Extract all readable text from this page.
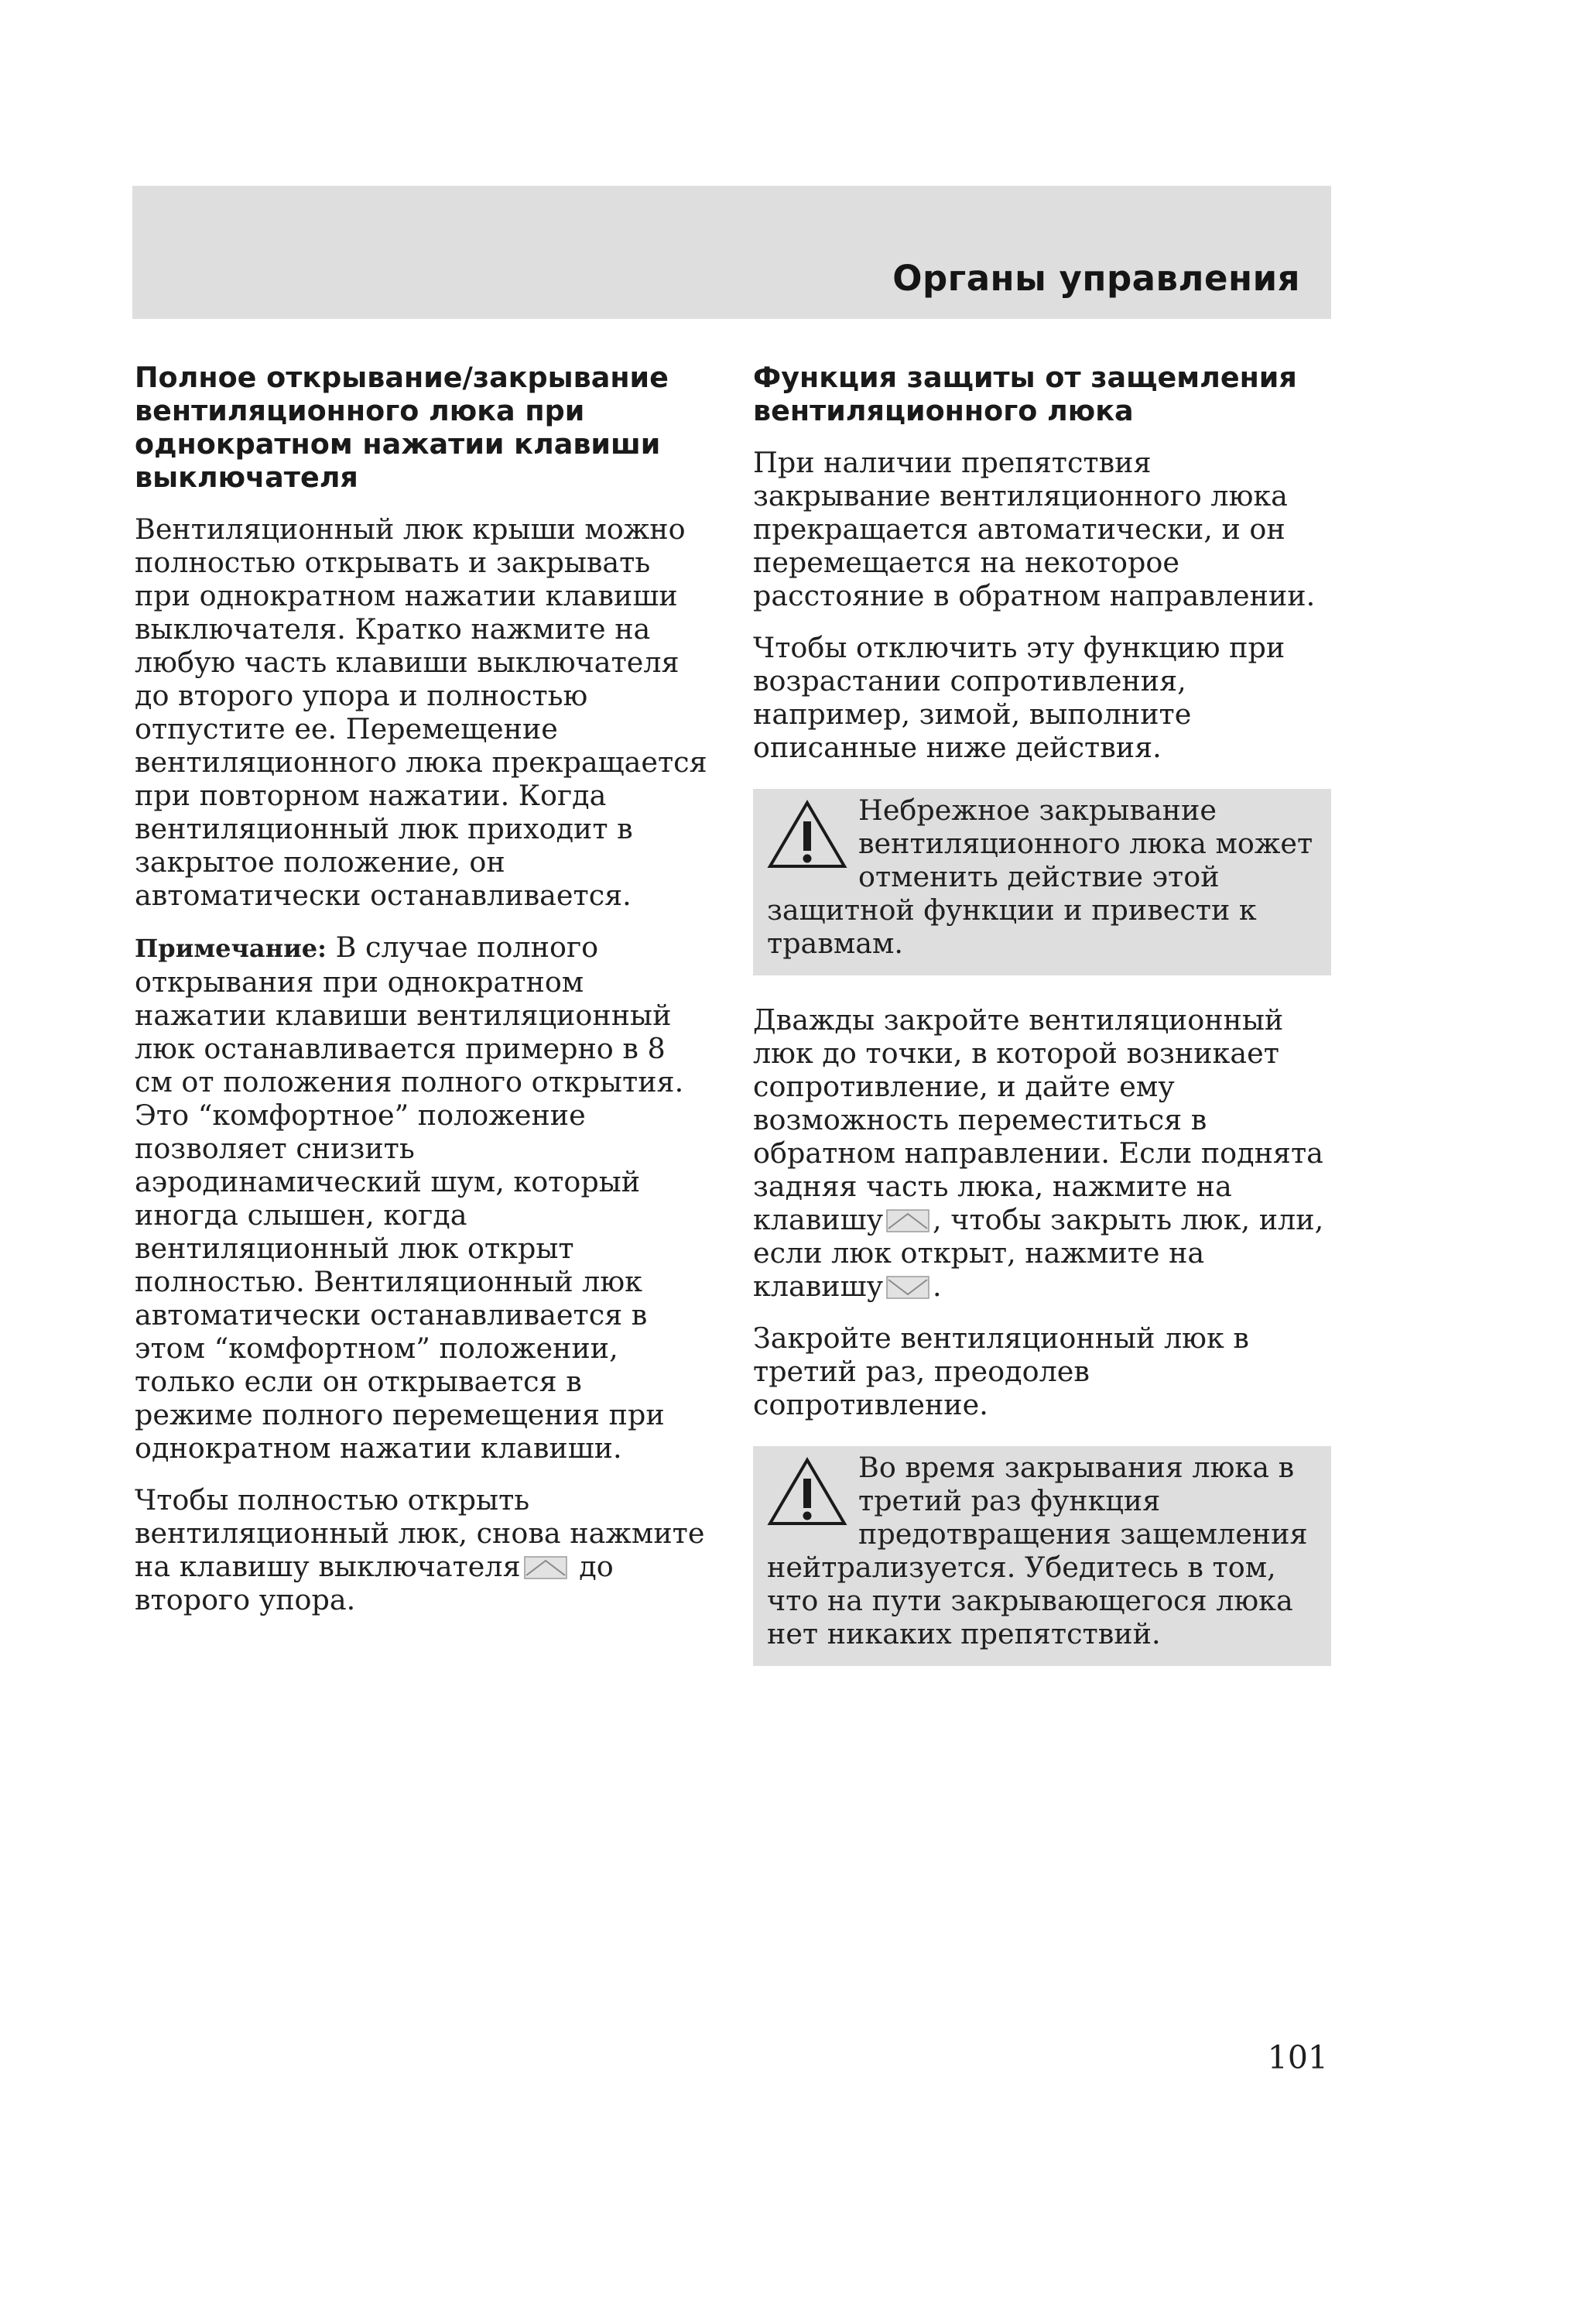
Органы управления
Полное открывание/закрывание вентиляционного люка при однократном нажатии клавиши выключателя

Вентиляционный люк крыши можно полностью открывать и закрывать при однократном нажатии клавиши выключателя. Кратко нажмите на любую часть клавиши выключателя до второго упора и полностью отпустите ее. Перемещение вентиляционного люка прекращается при повторном нажатии. Когда вентиляционный люк приходит в закрытое положение, он автоматически останавливается.

Примечание: В случае полного открывания при однократном нажатии клавиши вентиляционный люк останавливается примерно в 8 см от положения полного открытия. Это “комфортное” положение позволяет снизить аэродинамический шум, который иногда слышен, когда вентиляционный люк открыт полностью. Вентиляционный люк автоматически останавливается в этом “комфортном” положении, только если он открывается в режиме полного перемещения при однократном нажатии клавиши.

Чтобы полностью открыть вентиляционный люк, снова нажмите на клавишу выключателя до второго упора.

Функция защиты от защемления вентиляционного люка

При наличии препятствия закрывание вентиляционного люка прекращается автоматически, и он перемещается на некоторое расстояние в обратном направлении.

Чтобы отключить эту функцию при возрастании сопротивления, например, зимой, выполните описанные ниже действия.

Небрежное закрывание вентиляционного люка может отменить действие этой защитной функции и привести к травмам.

Дважды закройте вентиляционный люк до точки, в которой возникает сопротивление, и дайте ему возможность переместиться в обратном направлении. Если поднята задняя часть люка, нажмите на клавишу , чтобы закрыть люк, или, если люк открыт, нажмите на клавишу .

Закройте вентиляционный люк в третий раз, преодолев сопротивление.

Во время закрывания люка в третий раз функция предотвращения защемления нейтрализуется. Убедитесь в том, что на пути закрывающегося люка нет никаких препятствий.

101
